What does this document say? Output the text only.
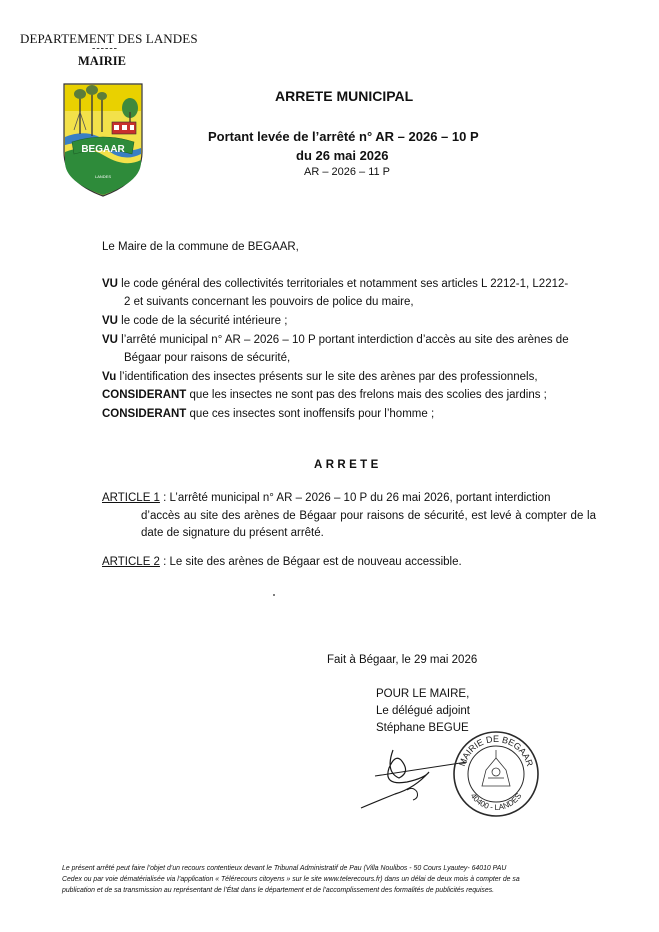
DEPARTEMENT DES LANDES
------
MAIRIE
BEGAAR
LANDES
ARRETE MUNICIPAL
Portant levée de l’arrêté n° AR – 2026 – 10 P
du 26 mai 2026
AR – 2026 – 11 P
Le Maire de la commune de BEGAAR,
VU le code général des collectivités territoriales et notamment ses articles L 2212-1, L2212-
2 et suivants concernant les pouvoirs de police du maire,
VU le code de la sécurité intérieure ;
VU l’arrêté municipal n° AR – 2026 – 10 P portant interdiction d’accès au site des arènes de
Bégaar pour raisons de sécurité,
Vu l’identification des insectes présents sur le site des arènes par des professionnels,
CONSIDERANT que les insectes ne sont pas des frelons mais des scolies des jardins ;
CONSIDERANT que ces insectes sont inoffensifs pour l’homme ;
ARRETE
ARTICLE 1 : L’arrêté municipal n° AR – 2026 – 10 P du 26 mai 2026, portant interdiction
d’accès au site des arènes de Bégaar pour raisons de sécurité, est levé à compter de la date de signature du présent arrêté.
ARTICLE 2 : Le site des arènes de Bégaar est de nouveau accessible.
Fait à Bégaar, le 29 mai 2026
POUR LE MAIRE,
Le délégué adjoint
Stéphane BEGUE
MAIRIE DE BEGAAR
40400 - LANDES
Le présent arrêté peut faire l’objet d’un recours contentieux devant le Tribunal Administratif de Pau (Villa Noulibos - 50 Cours Lyautey- 64010 PAU
Cedex ou par voie dématérialisée via l’application « Télérecours citoyens » sur le site www.telerecours.fr) dans un délai de deux mois à compter de sa
publication et de sa transmission au représentant de l’État dans le département et de l’accomplissement des formalités de publicités requises.
